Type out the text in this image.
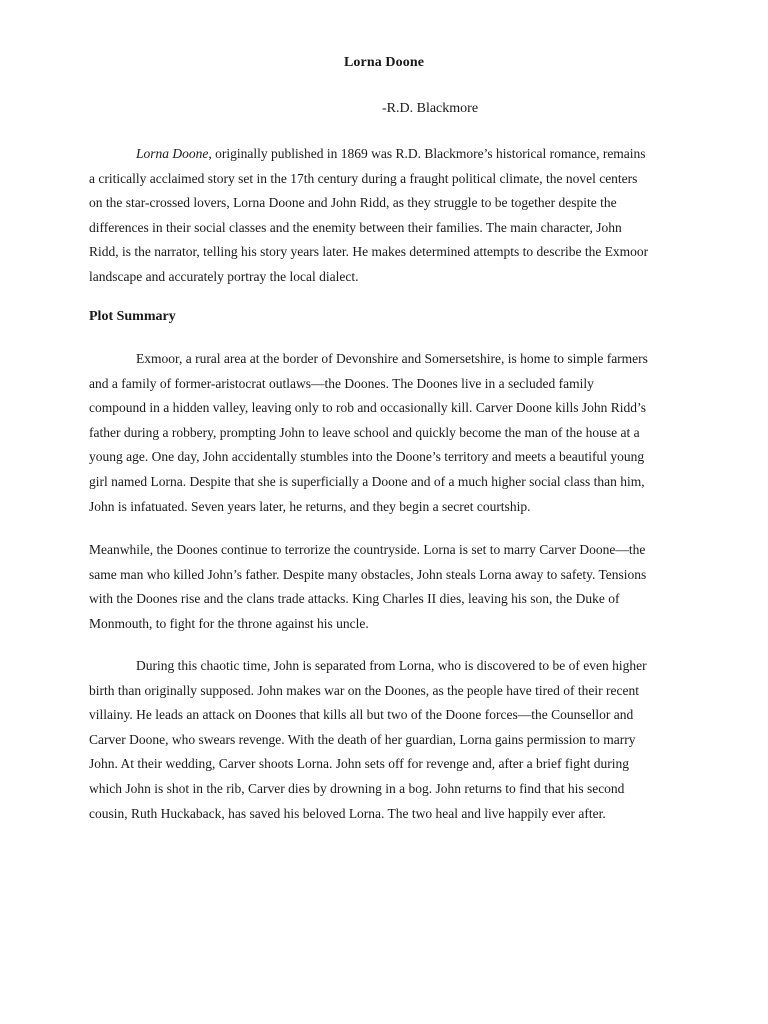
Lorna Doone
-R.D. Blackmore

Lorna Doone, originally published in 1869 was R.D. Blackmore’s historical romance, remains
a critically acclaimed story set in the 17th century during a fraught political climate, the novel centers
on the star-crossed lovers, Lorna Doone and John Ridd, as they struggle to be together despite the
differences in their social classes and the enemity between their families. The main character, John
Ridd, is the narrator, telling his story years later. He makes determined attempts to describe the Exmoor
landscape and accurately portray the local dialect.

Plot Summary

Exmoor, a rural area at the border of Devonshire and Somersetshire, is home to simple farmers
and a family of former-aristocrat outlaws—the Doones. The Doones live in a secluded family
compound in a hidden valley, leaving only to rob and occasionally kill. Carver Doone kills John Ridd’s
father during a robbery, prompting John to leave school and quickly become the man of the house at a
young age. One day, John accidentally stumbles into the Doone’s territory and meets a beautiful young
girl named Lorna. Despite that she is superficially a Doone and of a much higher social class than him,
John is infatuated. Seven years later, he returns, and they begin a secret courtship.

Meanwhile, the Doones continue to terrorize the countryside. Lorna is set to marry Carver Doone—the
same man who killed John’s father. Despite many obstacles, John steals Lorna away to safety. Tensions
with the Doones rise and the clans trade attacks. King Charles II dies, leaving his son, the Duke of
Monmouth, to fight for the throne against his uncle.

During this chaotic time, John is separated from Lorna, who is discovered to be of even higher
birth than originally supposed. John makes war on the Doones, as the people have tired of their recent
villainy. He leads an attack on Doones that kills all but two of the Doone forces—the Counsellor and
Carver Doone, who swears revenge. With the death of her guardian, Lorna gains permission to marry
John. At their wedding, Carver shoots Lorna. John sets off for revenge and, after a brief fight during
which John is shot in the rib, Carver dies by drowning in a bog. John returns to find that his second
cousin, Ruth Huckaback, has saved his beloved Lorna. The two heal and live happily ever after.
